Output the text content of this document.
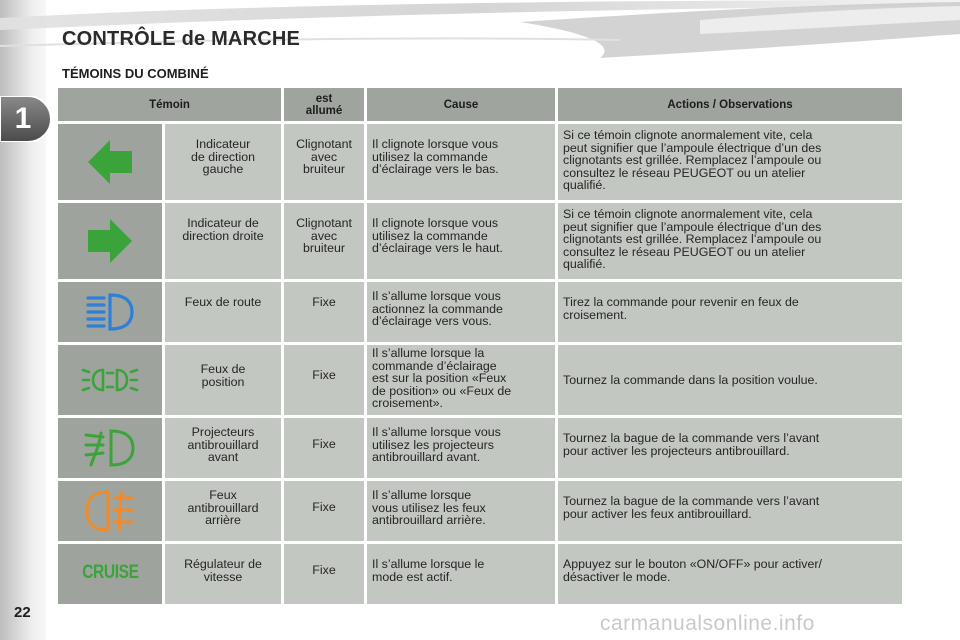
1
CONTRÔLE de MARCHE
TÉMOINS DU COMBINÉ
Témoin		est
allumé	Cause	Actions / Observations

	Indicateur
de direction
gauche	Clignotant
avec
bruiteur	Il clignote lorsque vous
utilisez la commande
d’éclairage vers le bas.	Si ce témoin clignote anormalement vite, cela
peut signifier que l’ampoule électrique d’un des
clignotants est grillée. Remplacez l’ampoule ou
consultez le réseau PEUGEOT ou un atelier
qualifié.

	Indicateur de
direction droite	Clignotant
avec
bruiteur	Il clignote lorsque vous
utilisez la commande
d’éclairage vers le haut.	Si ce témoin clignote anormalement vite, cela
peut signifier que l’ampoule électrique d’un des
clignotants est grillée. Remplacez l’ampoule ou
consultez le réseau PEUGEOT ou un atelier
qualifié.

	Feux de route	Fixe	Il s’allume lorsque vous
actionnez la commande
d’éclairage vers vous.	Tirez la commande pour revenir en feux de
croisement.

	Feux de
position	Fixe	Il s’allume lorsque la
commande d’éclairage
est sur la position «Feux
de position» ou «Feux de
croisement».	Tournez la commande dans la position voulue.

	Projecteurs
antibrouillard
avant	Fixe	Il s’allume lorsque vous
utilisez les projecteurs
antibrouillard avant.	Tournez la bague de la commande vers l’avant
pour activer les projecteurs antibrouillard.

	Feux
antibrouillard
arrière	Fixe	Il s’allume lorsque
vous utilisez les feux
antibrouillard arrière.	Tournez la bague de la commande vers l’avant
pour activer les feux antibrouillard.
CRUISE	Régulateur de
vitesse	Fixe	Il s’allume lorsque le
mode est actif.	Appuyez sur le bouton «ON/OFF» pour activer/
désactiver le mode.
22	carmanualsonline.info
